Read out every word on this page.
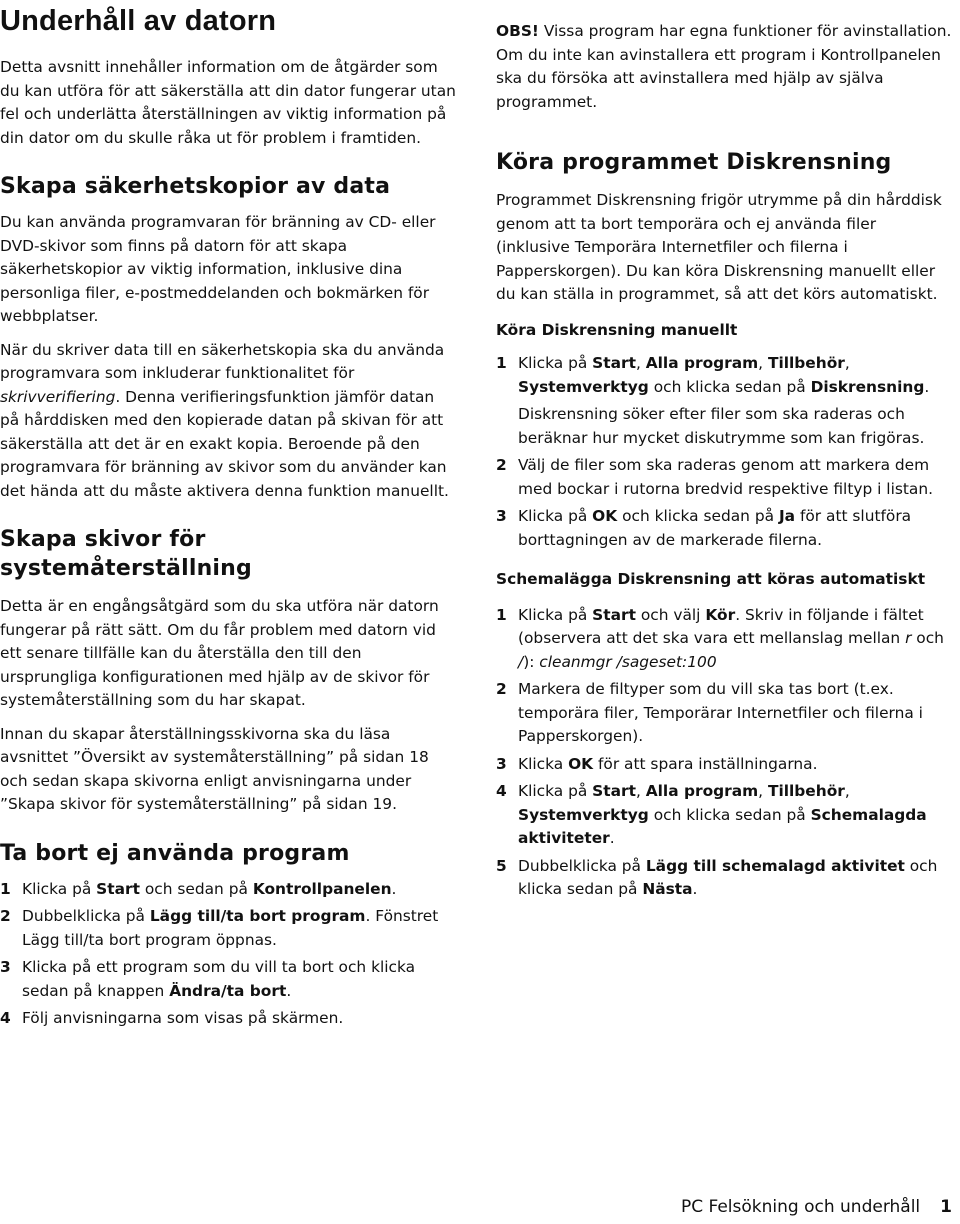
Underhåll av datorn

Detta avsnitt innehåller information om de åtgärder som du kan utföra för att säkerställa att din dator fungerar utan fel och underlätta återställningen av viktig information på din dator om du skulle råka ut för problem i framtiden.

Skapa säkerhetskopior av data

Du kan använda programvaran för bränning av CD- eller DVD-skivor som finns på datorn för att skapa säkerhetskopior av viktig information, inklusive dina personliga filer, e-postmeddelanden och bokmärken för webbplatser.

När du skriver data till en säkerhetskopia ska du använda programvara som inkluderar funktionalitet för skrivverifiering. Denna verifieringsfunktion jämför datan på hårddisken med den kopierade datan på skivan för att säkerställa att det är en exakt kopia. Beroende på den programvara för bränning av skivor som du använder kan det hända att du måste aktivera denna funktion manuellt.

Skapa skivor för systemåterställning

Detta är en engångsåtgärd som du ska utföra när datorn fungerar på rätt sätt. Om du får problem med datorn vid ett senare tillfälle kan du återställa den till den ursprungliga konfigurationen med hjälp av de skivor för systemåterställning som du har skapat.

Innan du skapar återställningsskivorna ska du läsa avsnittet ”Översikt av systemåterställning” på sidan 18 och sedan skapa skivorna enligt anvisningarna under ”Skapa skivor för systemåterställning” på sidan 19.

Ta bort ej använda program
1 Klicka på Start och sedan på Kontrollpanelen.
2 Dubbelklicka på Lägg till/ta bort program. Fönstret Lägg till/ta bort program öppnas.
3 Klicka på ett program som du vill ta bort och klicka sedan på knappen Ändra/ta bort.
4 Följ anvisningarna som visas på skärmen.

OBS! Vissa program har egna funktioner för avinstallation. Om du inte kan avinstallera ett program i Kontrollpanelen ska du försöka att avinstallera med hjälp av själva programmet.

Köra programmet Diskrensning

Programmet Diskrensning frigör utrymme på din hårddisk genom att ta bort temporära och ej använda filer (inklusive Temporära Internetfiler och filerna i Papperskorgen). Du kan köra Diskrensning manuellt eller du kan ställa in programmet, så att det körs automatiskt.

Köra Diskrensning manuellt
1 Klicka på Start, Alla program, Tillbehör, Systemverktyg och klicka sedan på Diskrensning.
Diskrensning söker efter filer som ska raderas och beräknar hur mycket diskutrymme som kan frigöras.
2 Välj de filer som ska raderas genom att markera dem med bockar i rutorna bredvid respektive filtyp i listan.
3 Klicka på OK och klicka sedan på Ja för att slutföra borttagningen av de markerade filerna.
Schemalägga Diskrensning att köras automatiskt
1 Klicka på Start och välj Kör. Skriv in följande i fältet (observera att det ska vara ett mellanslag mellan r och /): cleanmgr /sageset:100
2 Markera de filtyper som du vill ska tas bort (t.ex. temporära filer, Temporärar Internetfiler och filerna i Papperskorgen).
3 Klicka OK för att spara inställningarna.
4 Klicka på Start, Alla program, Tillbehör, Systemverktyg och klicka sedan på Schemalagda aktiviteter.
5 Dubbelklicka på Lägg till schemalagd aktivitet och klicka sedan på Nästa.
PC Felsökning och underhåll 1
